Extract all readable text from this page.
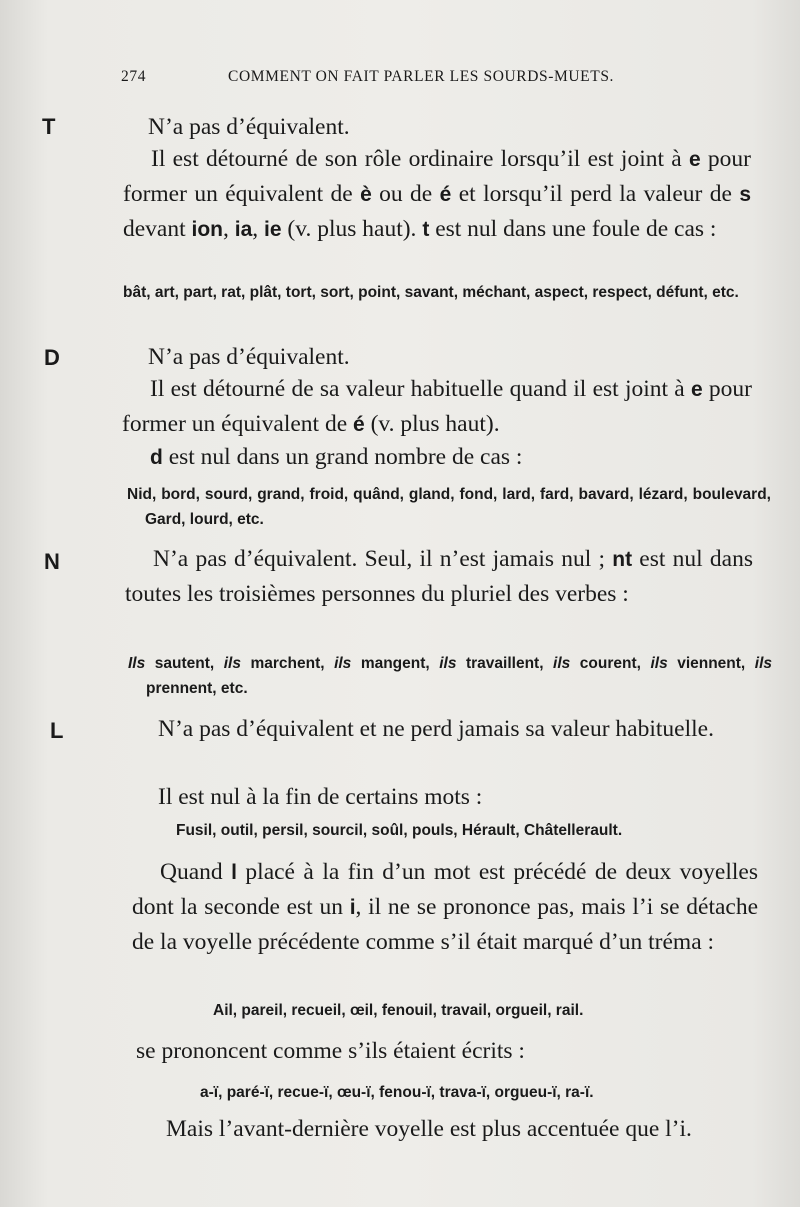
274	COMMENT ON FAIT PARLER LES SOURDS-MUETS.
T	N’a pas d’équivalent.

Il est détourné de son rôle ordinaire lorsqu’il est joint à e pour former un équivalent de è ou de é et lorsqu’il perd la valeur de s devant ion, ia, ie (v. plus haut). t est nul dans une foule de cas :

bât, art, part, rat, plât, tort, sort, point, savant, méchant, aspect, respect, défunt, etc.

D	N’a pas d’équivalent.

Il est détourné de sa valeur habituelle quand il est joint à e pour former un équivalent de é (v. plus haut).

d est nul dans un grand nombre de cas :

Nid, bord, sourd, grand, froid, quând, gland, fond, lard, fard, bavard, lézard, boulevard, Gard, lourd, etc.

N	N’a pas d’équivalent. Seul, il n’est jamais nul ; nt est nul dans toutes les troisièmes personnes du pluriel des verbes :

Ils sautent, ils marchent, ils mangent, ils travaillent, ils courent, ils viennent, ils prennent, etc.

L	N’a pas d’équivalent et ne perd jamais sa valeur habituelle.

Il est nul à la fin de certains mots :

Fusil, outil, persil, sourcil, soûl, pouls, Hérault, Châtellerault.

Quand l placé à la fin d’un mot est précédé de deux voyelles dont la seconde est un i, il ne se prononce pas, mais l’i se détache de la voyelle précédente comme s’il était marqué d’un tréma :

Ail, pareil, recueil, œil, fenouil, travail, orgueil, rail.

se prononcent comme s’ils étaient écrits :

a-ï, paré-ï, recue-ï, œu-ï, fenou-ï, trava-ï, orgueu-ï, ra-ï.

Mais l’avant-dernière voyelle est plus accentuée que l’i.
